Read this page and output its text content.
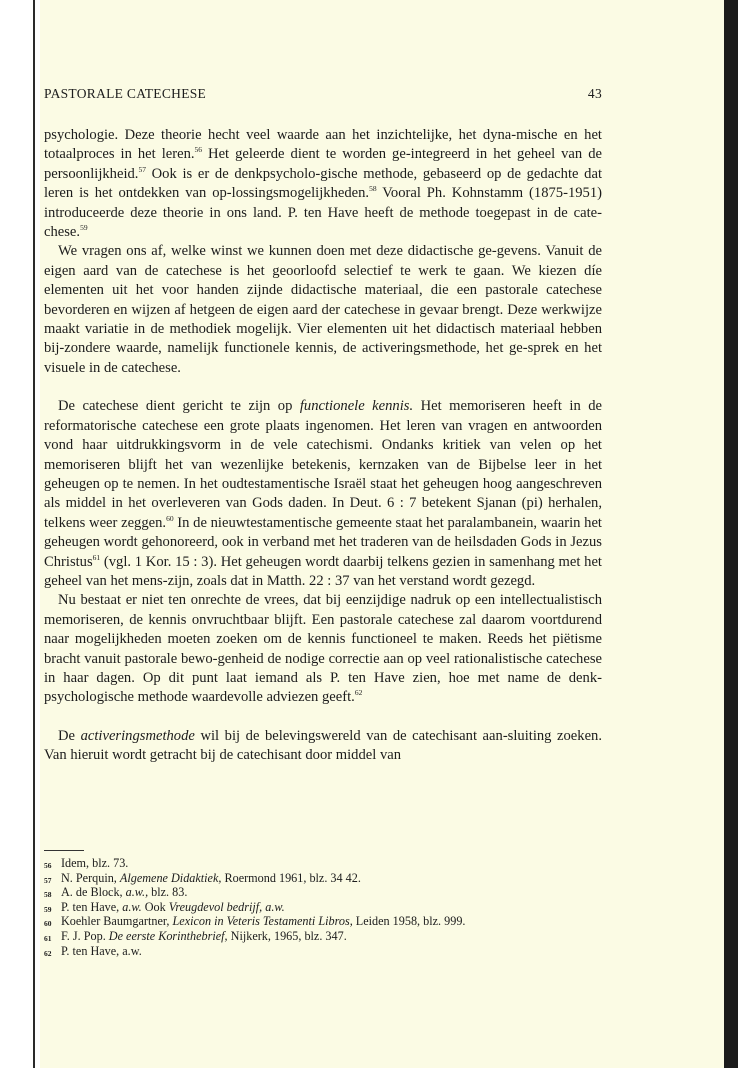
PASTORALE CATECHESE	43

psychologie. Deze theorie hecht veel waarde aan het inzichtelijke, het dyna-mische en het totaalproces in het leren.$^{56}$ Het geleerde dient te worden ge-integreerd in het geheel van de persoonlijkheid.$^{57}$ Ook is er de denkpsycholo-gische methode, gebaseerd op de gedachte dat leren is het ontdekken van op-lossingsmogelijkheden.$^{58}$ Vooral Ph. Kohnstamm (1875-1951) introduceerde deze theorie in ons land. P. ten Have heeft de methode toegepast in de cate-chese.$^{59}$

We vragen ons af, welke winst we kunnen doen met deze didactische ge-gevens. Vanuit de eigen aard van de catechese is het geoorloofd selectief te werk te gaan. We kiezen díe elementen uit het voor handen zijnde didactische materiaal, die een pastorale catechese bevorderen en wijzen af hetgeen de eigen aard der catechese in gevaar brengt. Deze werkwijze maakt variatie in de methodiek mogelijk. Vier elementen uit het didactisch materiaal hebben bij-zondere waarde, namelijk functionele kennis, de activeringsmethode, het ge-sprek en het visuele in de catechese.

De catechese dient gericht te zijn op functionele kennis. Het memoriseren heeft in de reformatorische catechese een grote plaats ingenomen. Het leren van vragen en antwoorden vond haar uitdrukkingsvorm in de vele catechismi. Ondanks kritiek van velen op het memoriseren blijft het van wezenlijke betekenis, kernzaken van de Bijbelse leer in het geheugen op te nemen. In het oudtestamentische Israël staat het geheugen hoog aangeschreven als middel in het overleveren van Gods daden. In Deut. 6 : 7 betekent Sjanan (pi) herhalen, telkens weer zeggen.$^{60}$ In de nieuwtestamentische gemeente staat het paralambanein, waarin het geheugen wordt gehonoreerd, ook in verband met het traderen van de heilsdaden Gods in Jezus Christus$^{61}$ (vgl. 1 Kor. 15 : 3). Het geheugen wordt daarbij telkens gezien in samenhang met het geheel van het mens-zijn, zoals dat in Matth. 22 : 37 van het verstand wordt gezegd.

Nu bestaat er niet ten onrechte de vrees, dat bij eenzijdige nadruk op een intellectualistisch memoriseren, de kennis onvruchtbaar blijft. Een pastorale catechese zal daarom voortdurend naar mogelijkheden moeten zoeken om de kennis functioneel te maken. Reeds het piëtisme bracht vanuit pastorale bewo-genheid de nodige correctie aan op veel rationalistische catechese in haar dagen. Op dit punt laat iemand als P. ten Have zien, hoe met name de denk-psychologische methode waardevolle adviezen geeft.$^{62}$

De activeringsmethode wil bij de belevingswereld van de catechisant aan-sluiting zoeken. Van hieruit wordt getracht bij de catechisant door middel van

56 Idem, blz. 73.
57 N. Perquin, Algemene Didaktiek, Roermond 1961, blz. 34 42.
58 A. de Block, a.w., blz. 83.
59 P. ten Have, a.w. Ook Vreugdevol bedrijf, a.w.
60 Koehler Baumgartner, Lexicon in Veteris Testamenti Libros, Leiden 1958, blz. 999.
61 F. J. Pop. De eerste Korinthebrief, Nijkerk, 1965, blz. 347.
62 P. ten Have, a.w.
